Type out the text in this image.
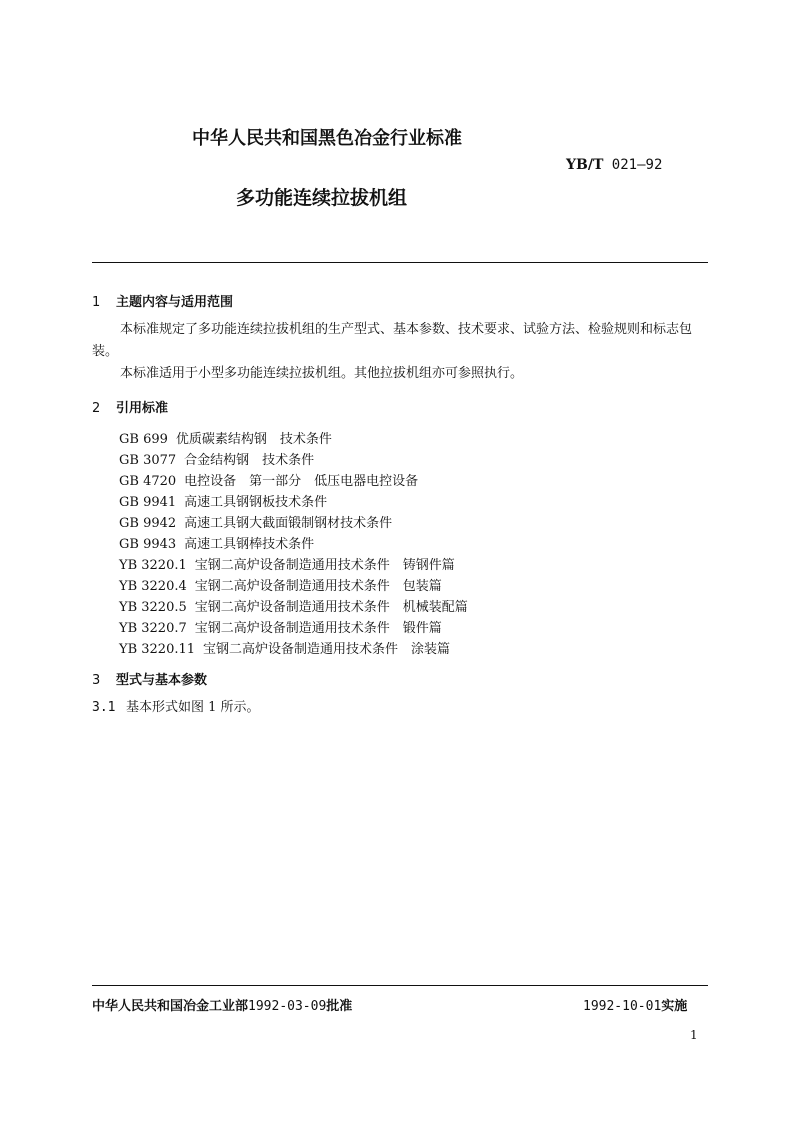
中华人民共和国黑色冶金行业标准
YB/T 021—92
多功能连续拉拔机组
1 主题内容与适用范围
本标准规定了多功能连续拉拔机组的生产型式、基本参数、技术要求、试验方法、检验规则和标志包装。
本标准适用于小型多功能连续拉拔机组。其他拉拔机组亦可参照执行。
2 引用标准
GB 699 优质碳素结构钢　技术条件
GB 3077 合金结构钢　技术条件
GB 4720 电控设备　第一部分　低压电器电控设备
GB 9941 高速工具钢钢板技术条件
GB 9942 高速工具钢大截面锻制钢材技术条件
GB 9943 高速工具钢棒技术条件
YB 3220.1 宝钢二高炉设备制造通用技术条件　铸钢件篇
YB 3220.4 宝钢二高炉设备制造通用技术条件　包装篇
YB 3220.5 宝钢二高炉设备制造通用技术条件　机械装配篇
YB 3220.7 宝钢二高炉设备制造通用技术条件　锻件篇
YB 3220.11 宝钢二高炉设备制造通用技术条件　涂装篇
3 型式与基本参数
3.1 基本形式如图 1 所示。
中华人民共和国冶金工业部1992-03-09批准	1992-10-01实施
1
